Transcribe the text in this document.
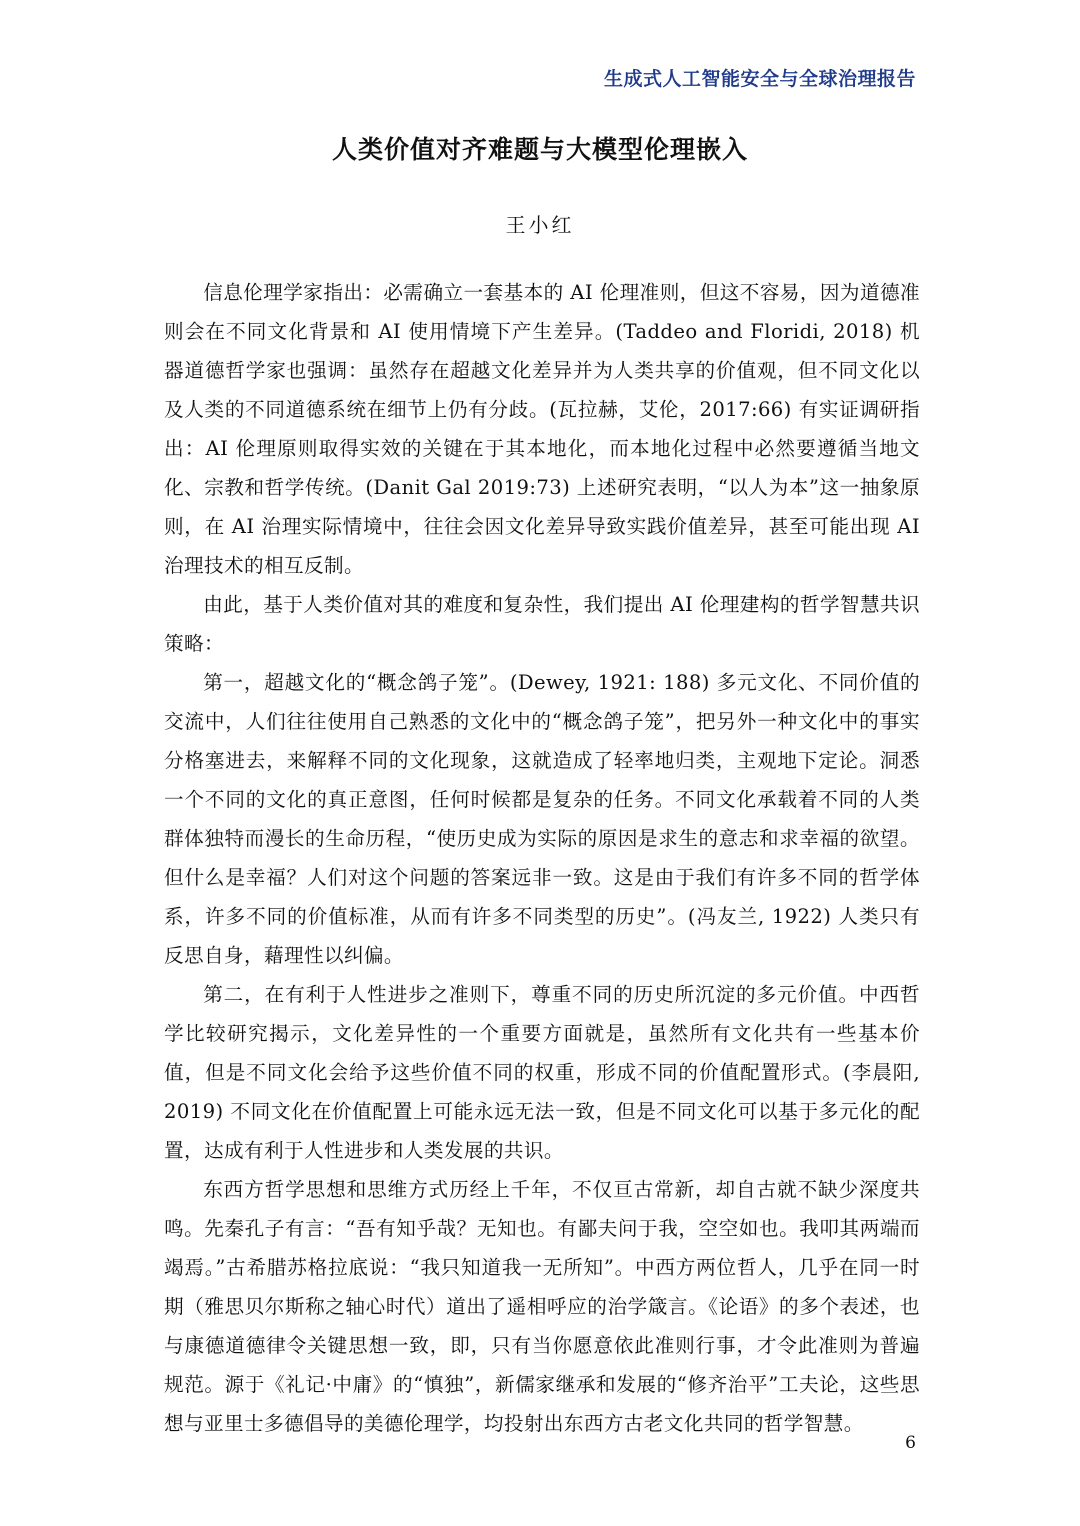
生成式人工智能安全与全球治理报告
人类价值对齐难题与大模型伦理嵌入
王小红

信息伦理学家指出：必需确立一套基本的 AI 伦理准则，但这不容易，因为道德准则会在不同文化背景和 AI 使用情境下产生差异。(Taddeo and Floridi, 2018) 机器道德哲学家也强调：虽然存在超越文化差异并为人类共享的价值观，但不同文化以及人类的不同道德系统在细节上仍有分歧。(瓦拉赫，艾伦，2017:66) 有实证调研指出：AI 伦理原则取得实效的关键在于其本地化，而本地化过程中必然要遵循当地文化、宗教和哲学传统。(Danit Gal 2019:73) 上述研究表明，“以人为本”这一抽象原则，在 AI 治理实际情境中，往往会因文化差异导致实践价值差异，甚至可能出现 AI 治理技术的相互反制。

由此，基于人类价值对其的难度和复杂性，我们提出 AI 伦理建构的哲学智慧共识策略：

第一，超越文化的“概念鸽子笼”。(Dewey, 1921: 188) 多元文化、不同价值的交流中，人们往往使用自己熟悉的文化中的“概念鸽子笼”，把另外一种文化中的事实分格塞进去，来解释不同的文化现象，这就造成了轻率地归类，主观地下定论。洞悉一个不同的文化的真正意图，任何时候都是复杂的任务。不同文化承载着不同的人类群体独特而漫长的生命历程，“使历史成为实际的原因是求生的意志和求幸福的欲望。但什么是幸福？人们对这个问题的答案远非一致。这是由于我们有许多不同的哲学体系，许多不同的价值标准，从而有许多不同类型的历史”。(冯友兰, 1922) 人类只有反思自身，藉理性以纠偏。

第二，在有利于人性进步之准则下，尊重不同的历史所沉淀的多元价值。中西哲学比较研究揭示，文化差异性的一个重要方面就是，虽然所有文化共有一些基本价值，但是不同文化会给予这些价值不同的权重，形成不同的价值配置形式。(李晨阳, 2019) 不同文化在价值配置上可能永远无法一致，但是不同文化可以基于多元化的配置，达成有利于人性进步和人类发展的共识。

东西方哲学思想和思维方式历经上千年，不仅亘古常新，却自古就不缺少深度共鸣。先秦孔子有言：“吾有知乎哉？无知也。有鄙夫问于我，空空如也。我叩其两端而竭焉。”古希腊苏格拉底说：“我只知道我一无所知”。中西方两位哲人，几乎在同一时期（雅思贝尔斯称之轴心时代）道出了遥相呼应的治学箴言。《论语》的多个表述，也与康德道德律令关键思想一致，即，只有当你愿意依此准则行事，才令此准则为普遍规范。源于《礼记·中庸》的“慎独”，新儒家继承和发展的“修齐治平”工夫论，这些思想与亚里士多德倡导的美德伦理学，均投射出东西方古老文化共同的哲学智慧。

6
